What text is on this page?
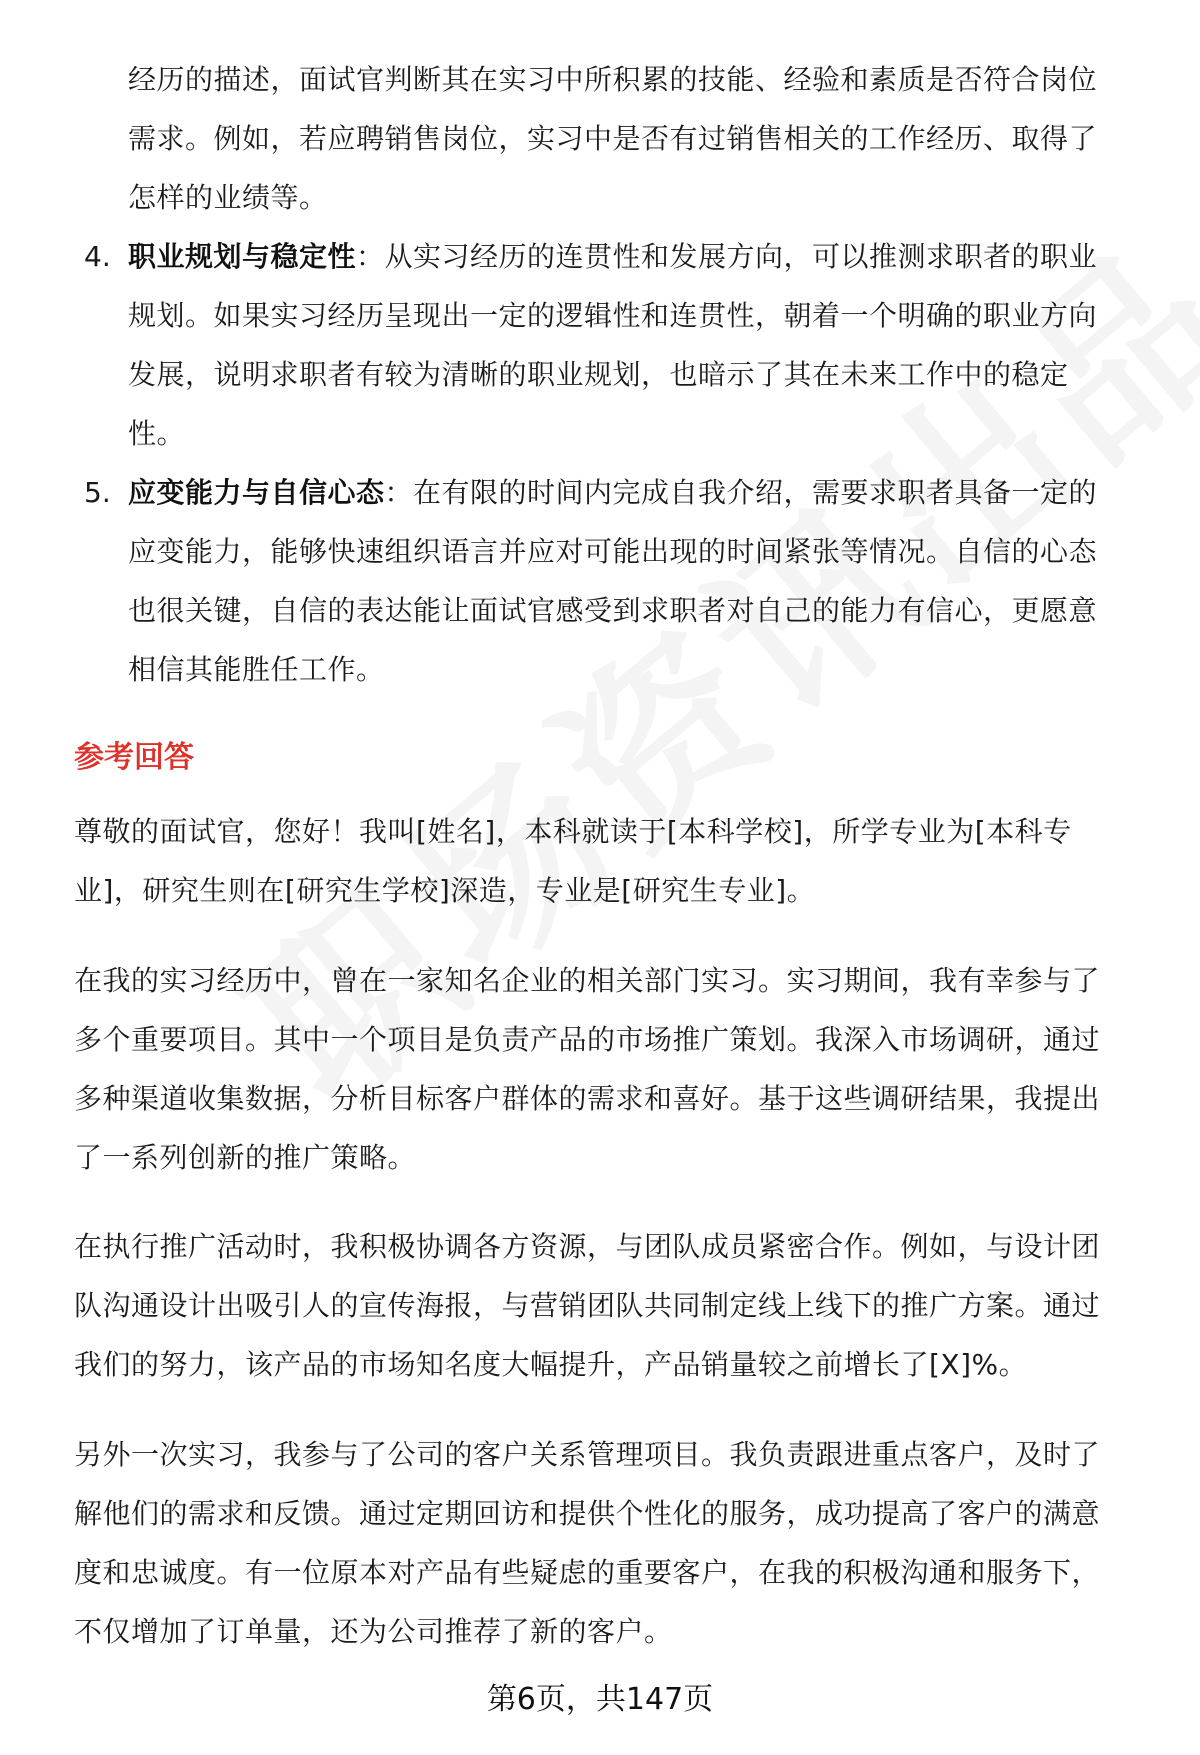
经历的描述，面试官判断其在实习中所积累的技能、经验和素质是否符合岗位
需求。例如，若应聘销售岗位，实习中是否有过销售相关的工作经历、取得了
怎样的业绩等。
4. 职业规划与稳定性：从实习经历的连贯性和发展方向，可以推测求职者的职业
规划。如果实习经历呈现出一定的逻辑性和连贯性，朝着一个明确的职业方向
发展，说明求职者有较为清晰的职业规划，也暗示了其在未来工作中的稳定
性。
5. 应变能力与自信心态：在有限的时间内完成自我介绍，需要求职者具备一定的
应变能力，能够快速组织语言并应对可能出现的时间紧张等情况。自信的心态
也很关键，自信的表达能让面试官感受到求职者对自己的能力有信心，更愿意
相信其能胜任工作。
参考回答
尊敬的面试官，您好！我叫[姓名]，本科就读于[本科学校]，所学专业为[本科专
业]，研究生则在[研究生学校]深造，专业是[研究生专业]。
在我的实习经历中，曾在一家知名企业的相关部门实习。实习期间，我有幸参与了
多个重要项目。其中一个项目是负责产品的市场推广策划。我深入市场调研，通过
多种渠道收集数据，分析目标客户群体的需求和喜好。基于这些调研结果，我提出
了一系列创新的推广策略。
在执行推广活动时，我积极协调各方资源，与团队成员紧密合作。例如，与设计团
队沟通设计出吸引人的宣传海报，与营销团队共同制定线上线下的推广方案。通过
我们的努力，该产品的市场知名度大幅提升，产品销量较之前增长了[X]%。
另外一次实习，我参与了公司的客户关系管理项目。我负责跟进重点客户，及时了
解他们的需求和反馈。通过定期回访和提供个性化的服务，成功提高了客户的满意
度和忠诚度。有一位原本对产品有些疑虑的重要客户，在我的积极沟通和服务下，
不仅增加了订单量，还为公司推荐了新的客户。
第6页，共147页
